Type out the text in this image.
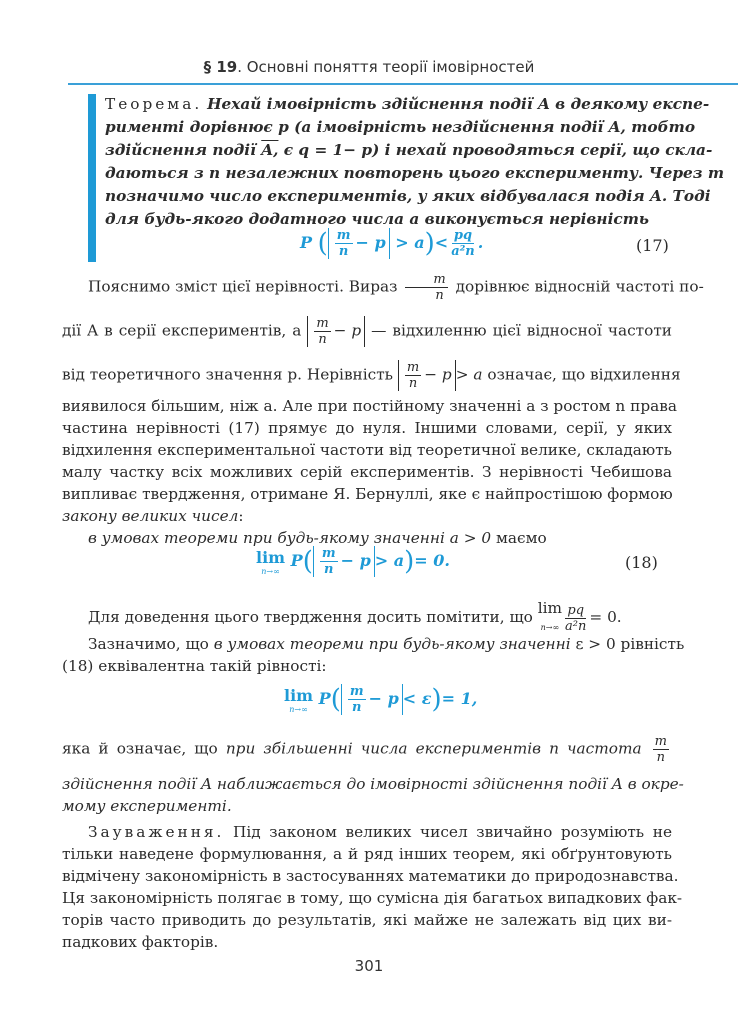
§ 19. Основні поняття теорії імовірностей
Теорема. Нехай імовірність здійснення події A в деякому експе-
рименті дорівнює p (а імовірність нездійснення події A, тобто
здійснення події A, є q = 1− p) і нехай проводяться серії, що скла-
даються з n незалежних повторень цього експерименту. Через m
позначимо число експериментів, у яких відбувалася подія A. Тоді
для будь-якого додатного числа a виконується нерівність
P ( $\frac{m}{n} - p > a)< \frac{pq}{\text{a²n}}$ .	(17)
Пояснимо зміст цієї нерівності. Вираз $\frac{m}{n}$ дорівнює відносній частоті по-
дії A в серії експериментів, а $\frac{m}{n} - p$ — відхиленню цієї відносної частоти
від теоретичного значення p. Нерівність $\frac{m}{n} - p > a$ означає, що відхилення
виявилося більшим, ніж a. Але при постійному значенні a з ростом n права
частина нерівності (17) прямує до нуля. Іншими словами, серії, у яких
відхилення експериментальної частоти від теоретичної велике, складають
малу частку всіх можливих серій експериментів. З нерівності Чебишова
випливає твердження, отримане Я. Бернуллі, яке є найпростішою формою
закону великих чисел:
в умовах теореми при будь-якому значенні a > 0 маємо
lim
n→∞
$P( \frac{m}{n} - p > a)= 0$.	(18)
Для доведення цього твердження досить помітити, що lim
$n\to\infty \frac{pq}{\text{a²n}} = 0$.
Зазначимо, що в умовах теореми при будь-якому значенні ε > 0 рівність
(18) еквівалентна такій рівності:
lim
n→∞
$P( \frac{m}{n} - p < \varepsilon)= 1$,
яка й означає, що при збільшенні числа експериментів n частота $\frac{m}{n}$
здійснення події A наближається до імовірності здійснення події A в окре-
мому експерименті.
Зауваження. Під законом великих чисел звичайно розуміють не
тільки наведене формулювання, а й ряд інших теорем, які обґрунтовують
відмічену закономірність в застосуваннях математики до природознавства.
Ця закономірність полягає в тому, що сумісна дія багатьох випадкових фак-
торів часто приводить до результатів, які майже не залежать від цих ви-
падкових факторів.
301
